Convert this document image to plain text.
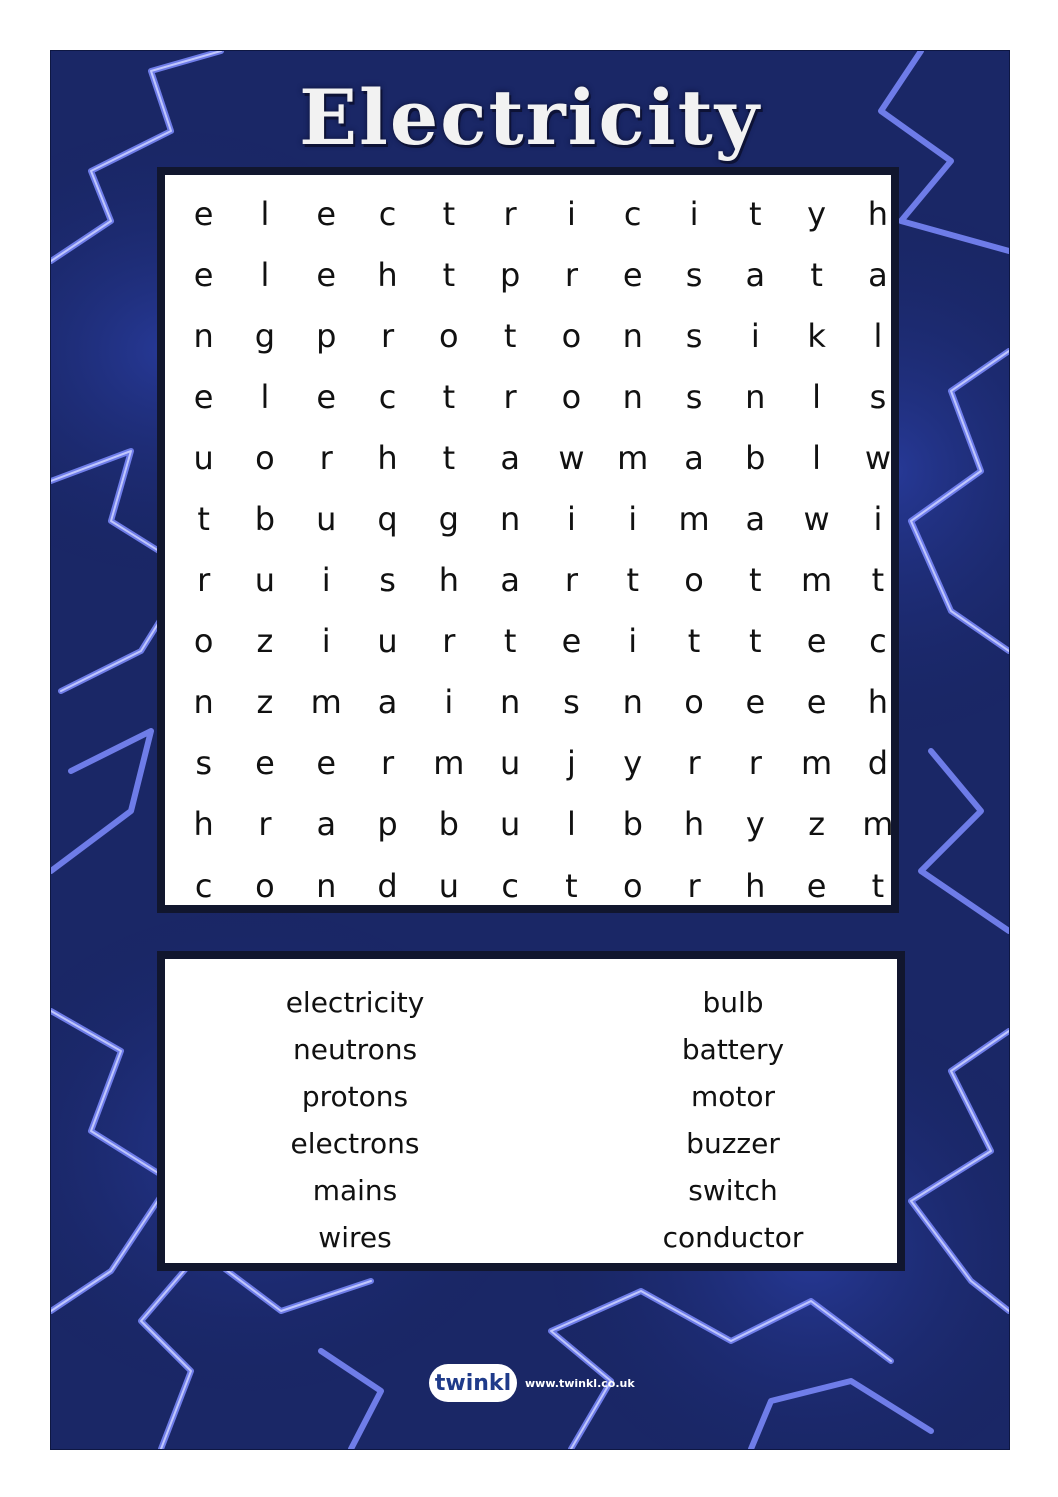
Electricity
e	l	e	c	t	r	i	c	i	t	y	h
e	l	e	h	t	p	r	e	s	a	t	a
n	g	p	r	o	t	o	n	s	i	k	l
e	l	e	c	t	r	o	n	s	n	l	s
u	o	r	h	t	a	w	m	a	b	l	w
t	b	u	q	g	n	i	i	m	a	w	i
r	u	i	s	h	a	r	t	o	t	m	t
o	z	i	u	r	t	e	i	t	t	e	c
n	z	m	a	i	n	s	n	o	e	e	h
s	e	e	r	m	u	j	y	r	r	m	d
h	r	a	p	b	u	l	b	h	y	z	m
c	o	n	d	u	c	t	o	r	h	e	t
electricity
neutrons
protons
electrons
mains
wires
bulb
battery
motor
buzzer
switch
conductor
twinkl	www.twinkl.co.uk
